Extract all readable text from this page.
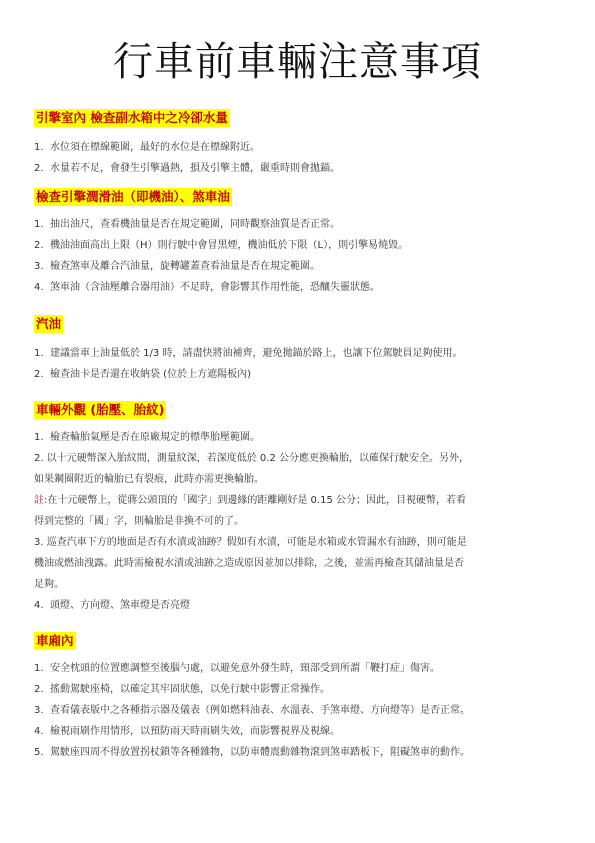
行車前車輛注意事項
引擎室內 檢查副水箱中之冷卻水量
1. 水位須在標線範圍，最好的水位是在標線附近。
2. 水量若不足，會發生引擎過熱，損及引擎主體，嚴重時則會拋錨。
檢查引擎潤滑油（即機油）、煞車油
1. 抽出油尺，查看機油量是否在規定範圍，同時觀察油質是否正常。
2. 機油油面高出上限（H）則行駛中會冒黑煙，機油低於下限（L），則引擎易燒毀。
3. 檢查煞車及離合汽油量，旋轉罐蓋查看油量是否在規定範圍。
4. 煞車油（含油壓離合器用油）不足時，會影響其作用性能，恐釀失靈狀態。
汽油
1. 建議當車上油量低於 1/3 時，請盡快將油補齊，避免拋錨於路上，也讓下位駕駛員足夠使用。
2. 檢查油卡是否還在收納袋 (位於上方遮陽板內)
車輛外觀 (胎壓、胎紋)
1. 檢查輪胎氣壓是否在原廠規定的標準胎壓範圍。
2. 以十元硬幣深入胎紋間，測量紋深，若深度低於 0.2 公分應更換輪胎，以確保行駛安全。另外，
如果鋼圈附近的輪胎已有裂痕，此時亦需更換輪胎。
註:在十元硬幣上，從蔣公頭頂的「國字」到邊緣的距離剛好是 0.15 公分；因此，目視硬幣，若看
得到完整的「國」字，則輪胎是非換不可的了。
3. 巡查汽車下方的地面是否有水漬或油跡？假如有水漬，可能是水箱或水管漏水有油跡，則可能是
機油或燃油洩露。此時需檢視水漬或油跡之造成原因並加以排除，之後，並需再檢查其儲油量是否
足夠。
4. 頭燈、方向燈、煞車燈是否亮燈
車廂內
1. 安全枕頭的位置應調整至後腦勺處，以避免意外發生時，頸部受到所謂「鞭打症」傷害。
2. 搖動駕駛座椅，以確定其牢固狀態，以免行駛中影響正常操作。
3. 查看儀表版中之各種指示器及儀表（例如燃料油表、水溫表、手煞車燈、方向燈等）是否正常。
4. 檢視雨刷作用情形，以預防雨天時雨刷失效，而影響視界及視線。
5. 駕駛座四周不得放置拐杖鎖等各種雜物，以防車體震動雜物滾到煞車踏板下，阻礙煞車的動作。
